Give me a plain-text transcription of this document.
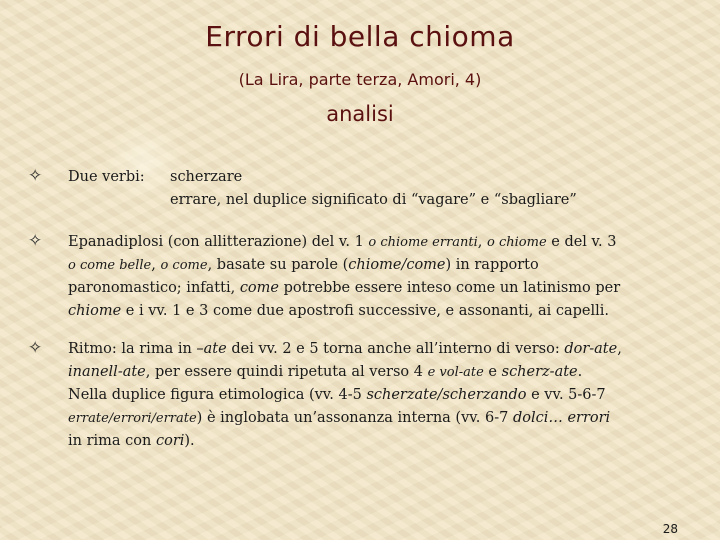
Errori di bella chioma
(La Lira, parte terza, Amori, 4)
analisi
✧ Due verbi: scherzare
errare, nel duplice significato di “vagare” e “sbagliare”
✧ Epanadiplosi (con allitterazione) del v. 1 o chiome erranti, o chiome e del v. 3
o come belle, o come, basate su parole (chiome/come) in rapporto
paronomastico; infatti, come potrebbe essere inteso come un latinismo per
chiome e i vv. 1 e 3 come due apostrofi successive, e assonanti, ai capelli.
✧ Ritmo: la rima in –ate dei vv. 2 e 5 torna anche all’interno di verso: dor-ate,
inanell-ate, per essere quindi ripetuta al verso 4 e vol-ate e scherz-ate.
Nella duplice figura etimologica (vv. 4-5 scherzate/scherzando e vv. 5-6-7
errate/errori/errate) è inglobata un’assonanza interna (vv. 6-7 dolci… errori
in rima con cori).
28
